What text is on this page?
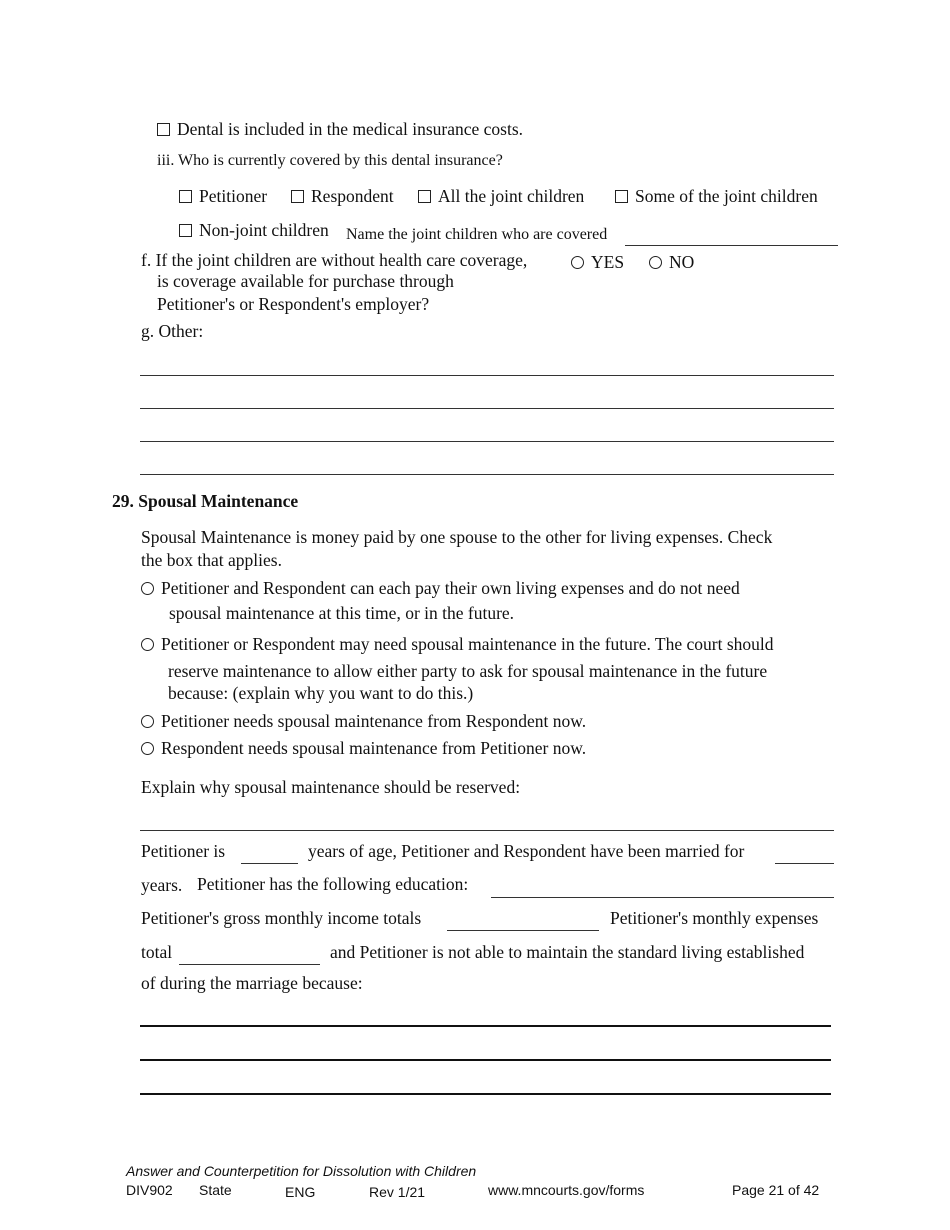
Dental is included in the medical insurance costs.
iii. Who is currently covered by this dental insurance?
Petitioner	Respondent	All the joint children	Some of the joint children
Non-joint children Name the joint children who are covered
f. If the joint children are without health care coverage,
is coverage available for purchase through
Petitioner's or Respondent's employer?
YES	NO
g. Other:
29. Spousal Maintenance
Spousal Maintenance is money paid by one spouse to the other for living expenses. Check
the box that applies.
Petitioner and Respondent can each pay their own living expenses and do not need
spousal maintenance at this time, or in the future.
Petitioner or Respondent may need spousal maintenance in the future. The court should
reserve maintenance to allow either party to ask for spousal maintenance in the future
because: (explain why you want to do this.)
Petitioner needs spousal maintenance from Respondent now.
Respondent needs spousal maintenance from Petitioner now.
Explain why spousal maintenance should be reserved:
Petitioner is	years of age, Petitioner and Respondent have been married for
years. Petitioner has the following education:
Petitioner's gross monthly income totals	Petitioner's monthly expenses
total	and Petitioner is not able to maintain the standard living established
of during the marriage because:
Answer and Counterpetition for Dissolution with Children
DIV902 State	ENG	Rev 1/21	www.mncourts.gov/forms	Page 21 of 42
